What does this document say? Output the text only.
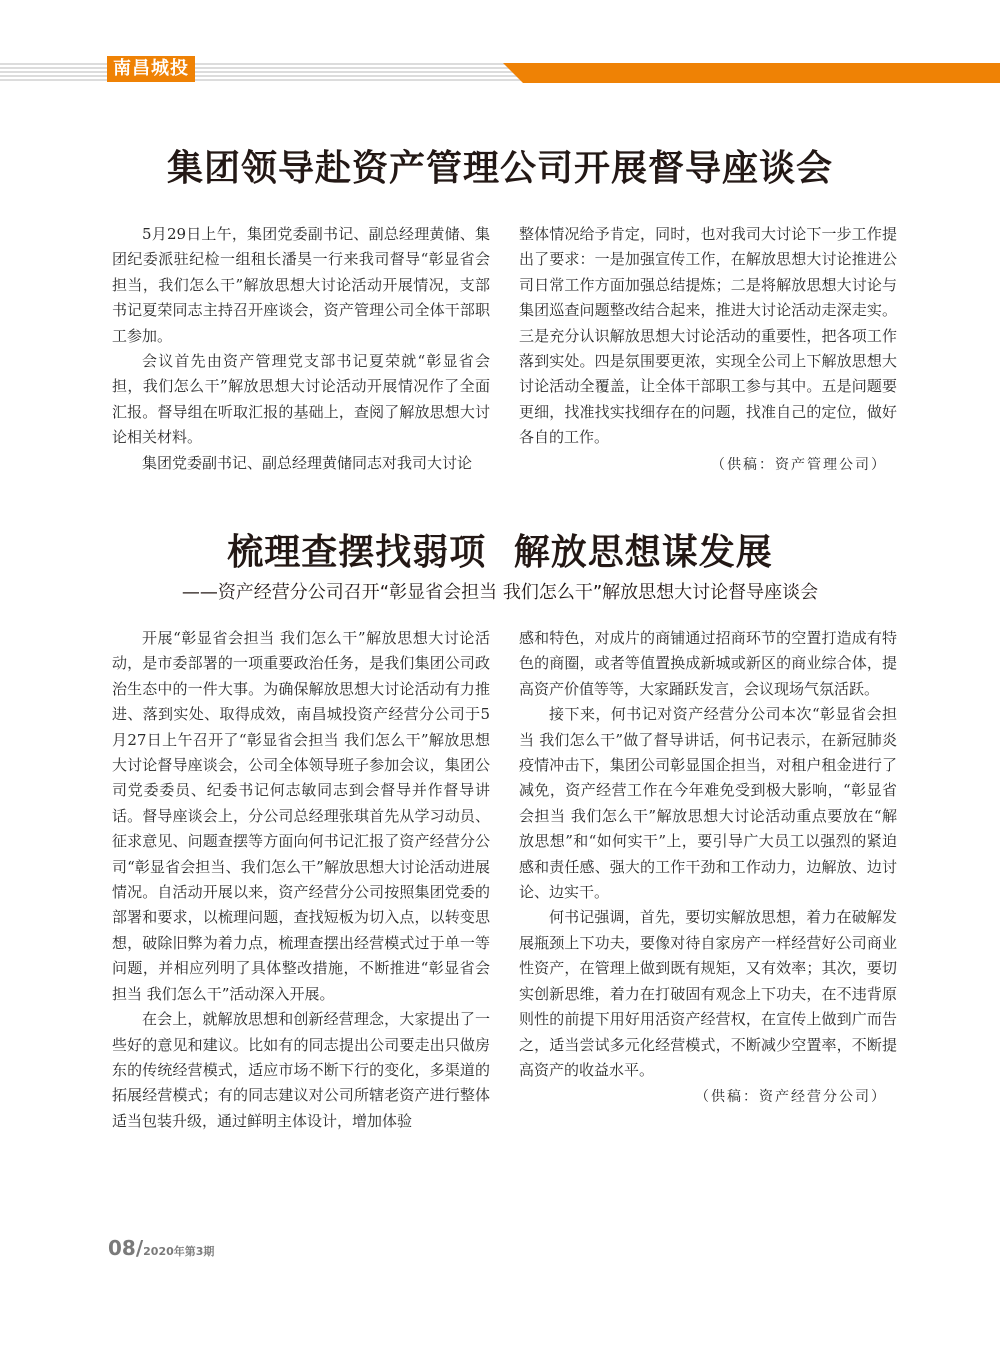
南昌城投
集团领导赴资产管理公司开展督导座谈会

5月29日上午，集团党委副书记、副总经理黄储、集团纪委派驻纪检一组租长潘昊一行来我司督导“彰显省会担当，我们怎么干”解放思想大讨论活动开展情况，支部书记夏荣同志主持召开座谈会，资产管理公司全体干部职工参加。

会议首先由资产管理党支部书记夏荣就“彰显省会担，我们怎么干”解放思想大讨论活动开展情况作了全面汇报。督导组在听取汇报的基础上，查阅了解放思想大讨论相关材料。

集团党委副书记、副总经理黄储同志对我司大讨论

整体情况给予肯定，同时，也对我司大讨论下一步工作提出了要求：一是加强宣传工作，在解放思想大讨论推进公司日常工作方面加强总结提炼；二是将解放思想大讨论与集团巡查问题整改结合起来，推进大讨论活动走深走实。三是充分认识解放思想大讨论活动的重要性，把各项工作落到实处。四是氛围要更浓，实现全公司上下解放思想大讨论活动全覆盖，让全体干部职工参与其中。五是问题要更细，找准找实找细存在的问题，找准自己的定位，做好各自的工作。

（供稿：资产管理公司）
梳理查摆找弱项 解放思想谋发展
——资产经营分公司召开“彰显省会担当 我们怎么干”解放思想大讨论督导座谈会

开展“彰显省会担当 我们怎么干”解放思想大讨论活动，是市委部署的一项重要政治任务，是我们集团公司政治生态中的一件大事。为确保解放思想大讨论活动有力推进、落到实处、取得成效，南昌城投资产经营分公司于5月27日上午召开了“彰显省会担当 我们怎么干”解放思想大讨论督导座谈会，公司全体领导班子参加会议，集团公司党委委员、纪委书记何志敏同志到会督导并作督导讲话。督导座谈会上，分公司总经理张琪首先从学习动员、征求意见、问题查摆等方面向何书记汇报了资产经营分公司“彰显省会担当、我们怎么干”解放思想大讨论活动进展情况。自活动开展以来，资产经营分公司按照集团党委的部署和要求，以梳理问题，查找短板为切入点，以转变思想，破除旧弊为着力点，梳理查摆出经营模式过于单一等问题，并相应列明了具体整改措施，不断推进“彰显省会担当 我们怎么干”活动深入开展。

在会上，就解放思想和创新经营理念，大家提出了一些好的意见和建议。比如有的同志提出公司要走出只做房东的传统经营模式，适应市场不断下行的变化，多渠道的拓展经营模式；有的同志建议对公司所辖老资产进行整体适当包装升级，通过鲜明主体设计，增加体验

感和特色，对成片的商铺通过招商环节的空置打造成有特色的商圈，或者等值置换成新城或新区的商业综合体，提高资产价值等等，大家踊跃发言，会议现场气氛活跃。

接下来，何书记对资产经营分公司本次“彰显省会担当 我们怎么干”做了督导讲话，何书记表示，在新冠肺炎疫情冲击下，集团公司彰显国企担当，对租户租金进行了减免，资产经营工作在今年难免受到极大影响，“彰显省会担当 我们怎么干”解放思想大讨论活动重点要放在“解放思想”和“如何实干”上，要引导广大员工以强烈的紧迫感和责任感、强大的工作干劲和工作动力，边解放、边讨论、边实干。

何书记强调，首先，要切实解放思想，着力在破解发展瓶颈上下功夫，要像对待自家房产一样经营好公司商业性资产，在管理上做到既有规矩，又有效率；其次，要切实创新思维，着力在打破固有观念上下功夫，在不违背原则性的前提下用好用活资产经营权，在宣传上做到广而告之，适当尝试多元化经营模式，不断减少空置率，不断提高资产的收益水平。

（供稿：资产经营分公司）
08/2020年第3期
